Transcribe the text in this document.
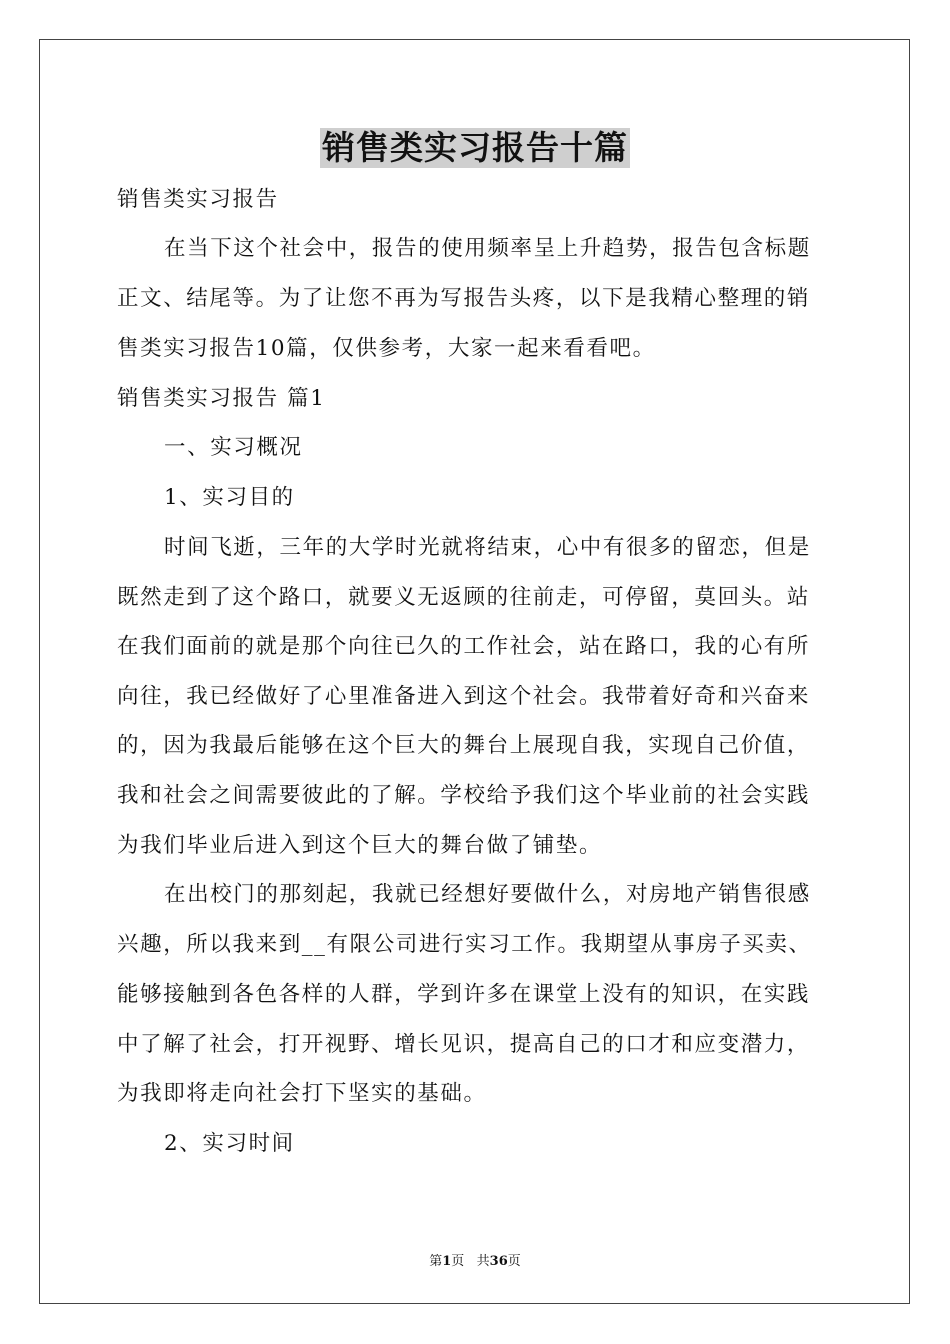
销售类实习报告十篇
销售类实习报告
在当下这个社会中，报告的使用频率呈上升趋势，报告包含标题
正文、结尾等。为了让您不再为写报告头疼，以下是我精心整理的销
售类实习报告10篇，仅供参考，大家一起来看看吧。
销售类实习报告 篇1
一、实习概况
1、实习目的
时间飞逝，三年的大学时光就将结束，心中有很多的留恋，但是
既然走到了这个路口，就要义无返顾的往前走，可停留，莫回头。站
在我们面前的就是那个向往已久的工作社会，站在路口，我的心有所
向往，我已经做好了心里准备进入到这个社会。我带着好奇和兴奋来
的，因为我最后能够在这个巨大的舞台上展现自我，实现自己价值，
我和社会之间需要彼此的了解。学校给予我们这个毕业前的社会实践
为我们毕业后进入到这个巨大的舞台做了铺垫。
在出校门的那刻起，我就已经想好要做什么，对房地产销售很感
兴趣，所以我来到__有限公司进行实习工作。我期望从事房子买卖、
能够接触到各色各样的人群，学到许多在课堂上没有的知识，在实践
中了解了社会，打开视野、增长见识，提高自己的口才和应变潜力，
为我即将走向社会打下坚实的基础。
2、实习时间
第1页   共36页
